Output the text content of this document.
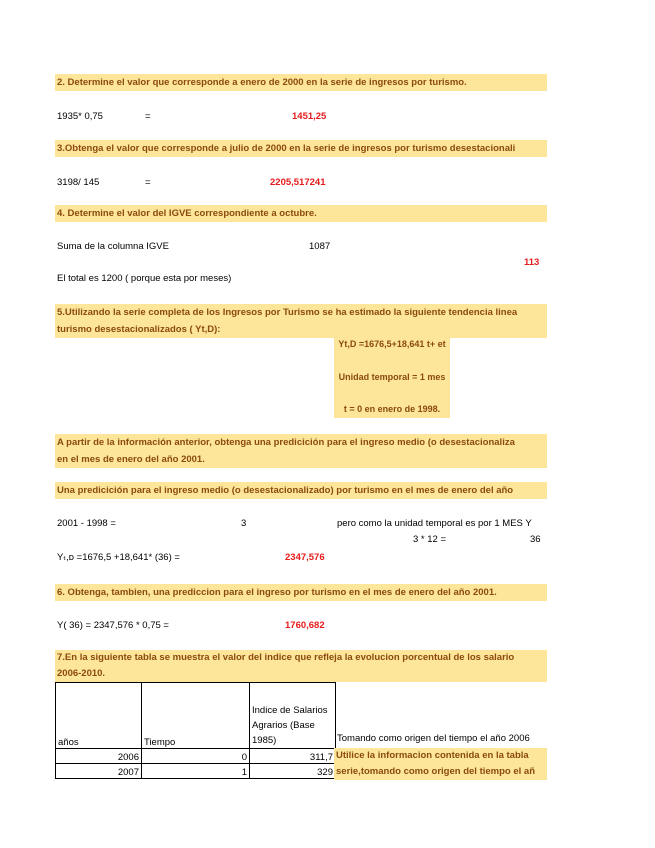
2. Determine el valor que corresponde a enero de 2000 en la serie de ingresos por turismo.
1935* 0,75	=	1451,25
3.Obtenga el valor que corresponde a julio de 2000 en la serie de ingresos por turismo desestacionali
3198/ 145	=	2205,517241
4. Determine el valor del IGVE correspondiente a octubre.
Suma de la columna IGVE	1087
113
El total es 1200 ( porque esta por meses)
5.Utilizando la serie completa de los Ingresos por Turismo se ha estimado la siguiente tendencia linea
turismo desestacionalizados ( Yt,D):
Yt,D =1676,5+18,641 t+ et
Unidad temporal = 1 mes
t = 0 en enero de 1998.
A partir de la información anterior, obtenga una predicición para el ingreso medio (o desestacionaliza
en el mes de enero del año 2001.
Una predicición para el ingreso medio (o desestacionalizado) por turismo en el mes de enero del año
2001 - 1998 =	3	pero como la unidad temporal es por 1 MES Y
3 * 12 =	36
Yₜ,ᴅ =1676,5 +18,641* (36) =	2347,576
6. Obtenga, tambien, una prediccion para el ingreso por turismo en el mes de enero del año 2001.
Y( 36) = 2347,576 * 0,75 =	1760,682
7.En la siguiente tabla se muestra el valor del indice que refleja la evolucion porcentual de los salario
2006-2010.
años	Tiempo	Indice de Salarios Agrarios (Base 1985)
2006	0	311,7
2007	1	329
Tomando como origen del tiempo el año 2006
Utilice la informacion contenida en la tabla
serie,tomando como origen del tiempo el añ
